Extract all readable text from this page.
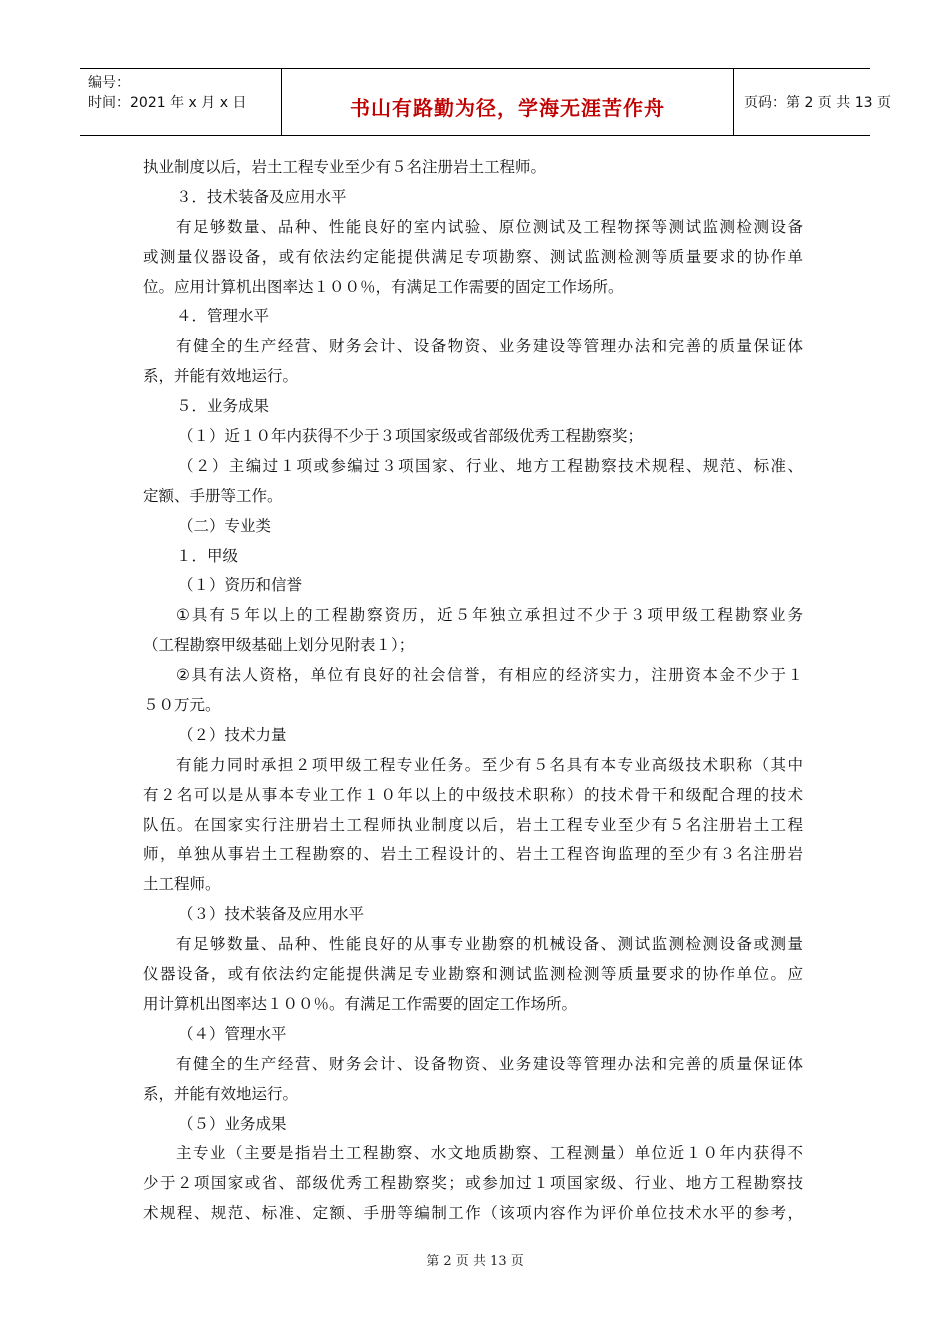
编号：
时间：2021 年 x 月 x 日	书山有路勤为径，学海无涯苦作舟	页码：第 2 页 共 13 页
执业制度以后，岩土工程专业至少有５名注册岩土工程师。
３．技术装备及应用水平
有足够数量、品种、性能良好的室内试验、原位测试及工程物探等测试监测检测设备
或测量仪器设备，或有依法约定能提供满足专项勘察、测试监测检测等质量要求的协作单
位。应用计算机出图率达１００％，有满足工作需要的固定工作场所。
４．管理水平
有健全的生产经营、财务会计、设备物资、业务建设等管理办法和完善的质量保证体
系，并能有效地运行。
５．业务成果
（１）近１０年内获得不少于３项国家级或省部级优秀工程勘察奖；
（２）主编过１项或参编过３项国家、行业、地方工程勘察技术规程、规范、标准、
定额、手册等工作。
（二）专业类
１．甲级
（１）资历和信誉
①具有５年以上的工程勘察资历，近５年独立承担过不少于３项甲级工程勘察业务
（工程勘察甲级基础上划分见附表１）；
②具有法人资格，单位有良好的社会信誉，有相应的经济实力，注册资本金不少于１
５０万元。
（２）技术力量
有能力同时承担２项甲级工程专业任务。至少有５名具有本专业高级技术职称（其中
有２名可以是从事本专业工作１０年以上的中级技术职称）的技术骨干和级配合理的技术
队伍。在国家实行注册岩土工程师执业制度以后，岩土工程专业至少有５名注册岩土工程
师，单独从事岩土工程勘察的、岩土工程设计的、岩土工程咨询监理的至少有３名注册岩
土工程师。
（３）技术装备及应用水平
有足够数量、品种、性能良好的从事专业勘察的机械设备、测试监测检测设备或测量
仪器设备，或有依法约定能提供满足专业勘察和测试监测检测等质量要求的协作单位。应
用计算机出图率达１００％。有满足工作需要的固定工作场所。
（４）管理水平
有健全的生产经营、财务会计、设备物资、业务建设等管理办法和完善的质量保证体
系，并能有效地运行。
（５）业务成果
主专业（主要是指岩土工程勘察、水文地质勘察、工程测量）单位近１０年内获得不
少于２项国家或省、部级优秀工程勘察奖；或参加过１项国家级、行业、地方工程勘察技
术规程、规范、标准、定额、手册等编制工作（该项内容作为评价单位技术水平的参考，
第 2 页 共 13 页
